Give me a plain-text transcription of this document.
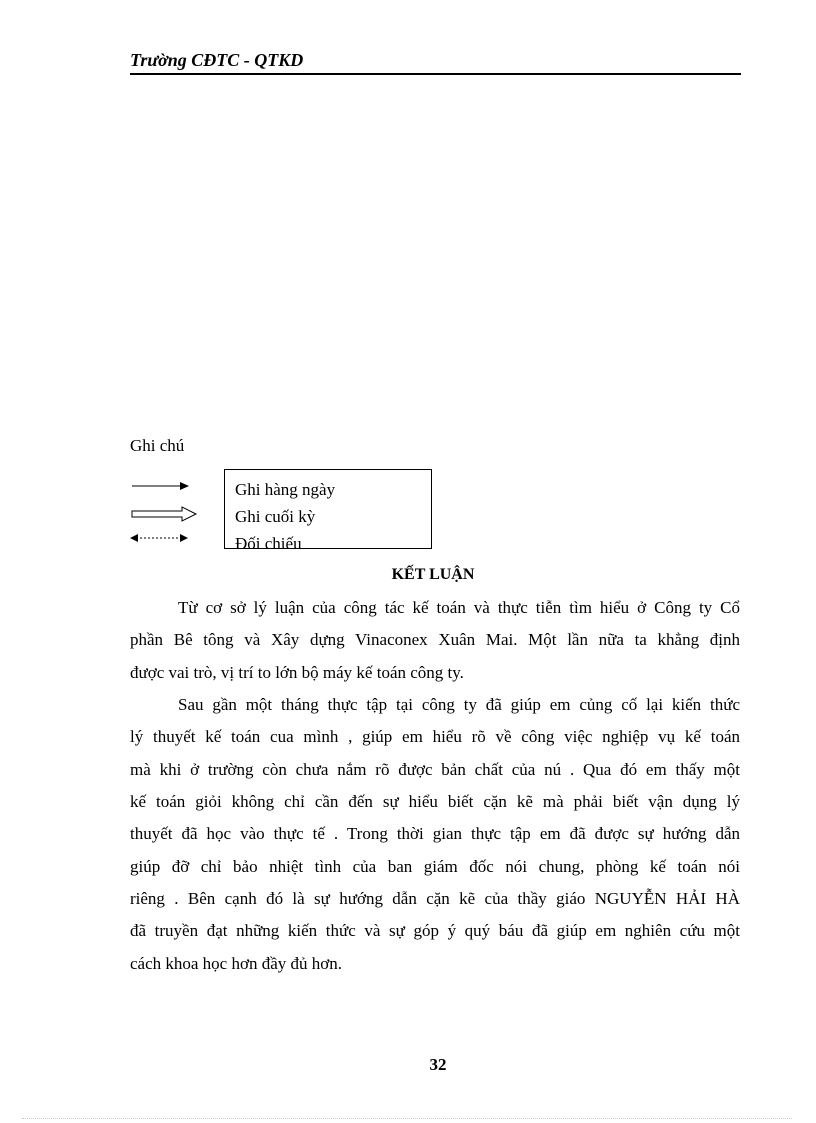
Trường CĐTC - QTKD
Ghi chú
Ghi hàng ngày
Ghi cuối kỳ
Đối chiếu
KẾT LUẬN
Từ cơ sở lý luận của công tác kế toán và thực tiễn tìm hiểu ở Công ty Cổ
phần Bê tông và Xây dựng Vinaconex Xuân Mai. Một lần nữa ta khẳng định
được vai trò, vị trí to lớn bộ máy kế toán công ty.
Sau gần một tháng thực tập tại công ty đã giúp em củng cố lại kiến thức
lý thuyết kế toán cua mình , giúp em hiểu rõ về công việc nghiệp vụ kế toán
mà khi ở trường còn chưa nắm rõ được bản chất của nú . Qua đó em thấy một
kế toán giỏi không chỉ cần đến sự hiểu biết cặn kẽ mà phải biết vận dụng lý
thuyết đã học vào thực tế . Trong thời gian thực tập em đã được sự hướng dẫn
giúp đỡ chỉ bảo nhiệt tình của ban giám đốc nói chung, phòng kế toán nói
riêng . Bên cạnh đó là sự hướng dẫn cặn kẽ của thầy giáo NGUYỄN HẢI HÀ
đã truyền đạt những kiến thức và sự góp ý quý báu đã giúp em nghiên cứu một
cách khoa học hơn đầy đủ hơn.
32
